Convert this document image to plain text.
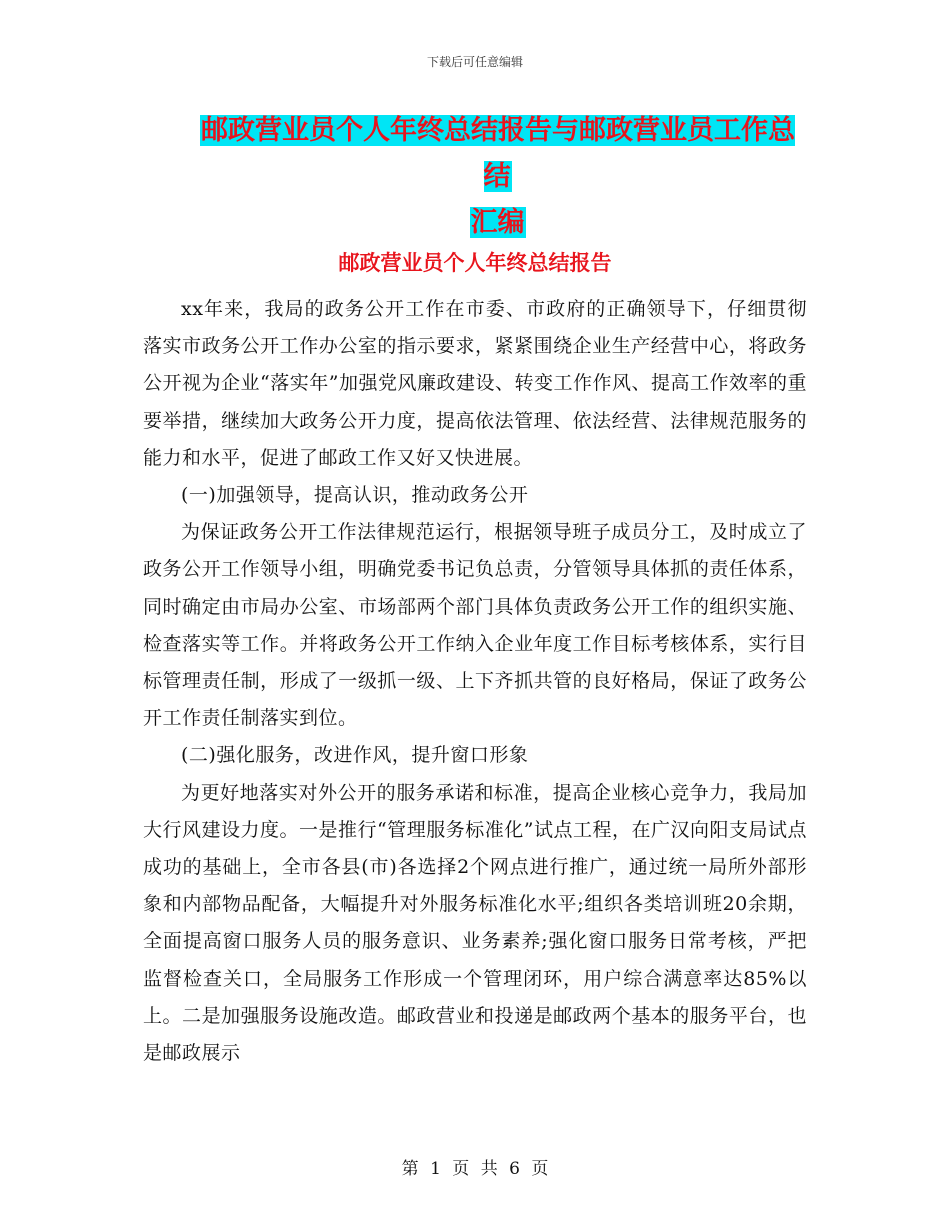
下载后可任意编辑
邮政营业员个人年终总结报告与邮政营业员工作总结
汇编
邮政营业员个人年终总结报告

xx年来，我局的政务公开工作在市委、市政府的正确领导下，仔细贯彻落实市政务公开工作办公室的指示要求，紧紧围绕企业生产经营中心，将政务公开视为企业“落实年”加强党风廉政建设、转变工作作风、提高工作效率的重要举措，继续加大政务公开力度，提高依法管理、依法经营、法律规范服务的能力和水平，促进了邮政工作又好又快进展。

(一)加强领导，提高认识，推动政务公开

为保证政务公开工作法律规范运行，根据领导班子成员分工，及时成立了政务公开工作领导小组，明确党委书记负总责，分管领导具体抓的责任体系，同时确定由市局办公室、市场部两个部门具体负责政务公开工作的组织实施、检查落实等工作。并将政务公开工作纳入企业年度工作目标考核体系，实行目标管理责任制，形成了一级抓一级、上下齐抓共管的良好格局，保证了政务公开工作责任制落实到位。

(二)强化服务，改进作风，提升窗口形象

为更好地落实对外公开的服务承诺和标准，提高企业核心竞争力，我局加大行风建设力度。一是推行“管理服务标准化”试点工程，在广汉向阳支局试点成功的基础上，全市各县(市)各选择2个网点进行推广，通过统一局所外部形象和内部物品配备，大幅提升对外服务标准化水平;组织各类培训班20余期，全面提高窗口服务人员的服务意识、业务素养;强化窗口服务日常考核，严把监督检查关口，全局服务工作形成一个管理闭环，用户综合满意率达85%以上。二是加强服务设施改造。邮政营业和投递是邮政两个基本的服务平台，也是邮政展示

第 1 页 共 6 页
